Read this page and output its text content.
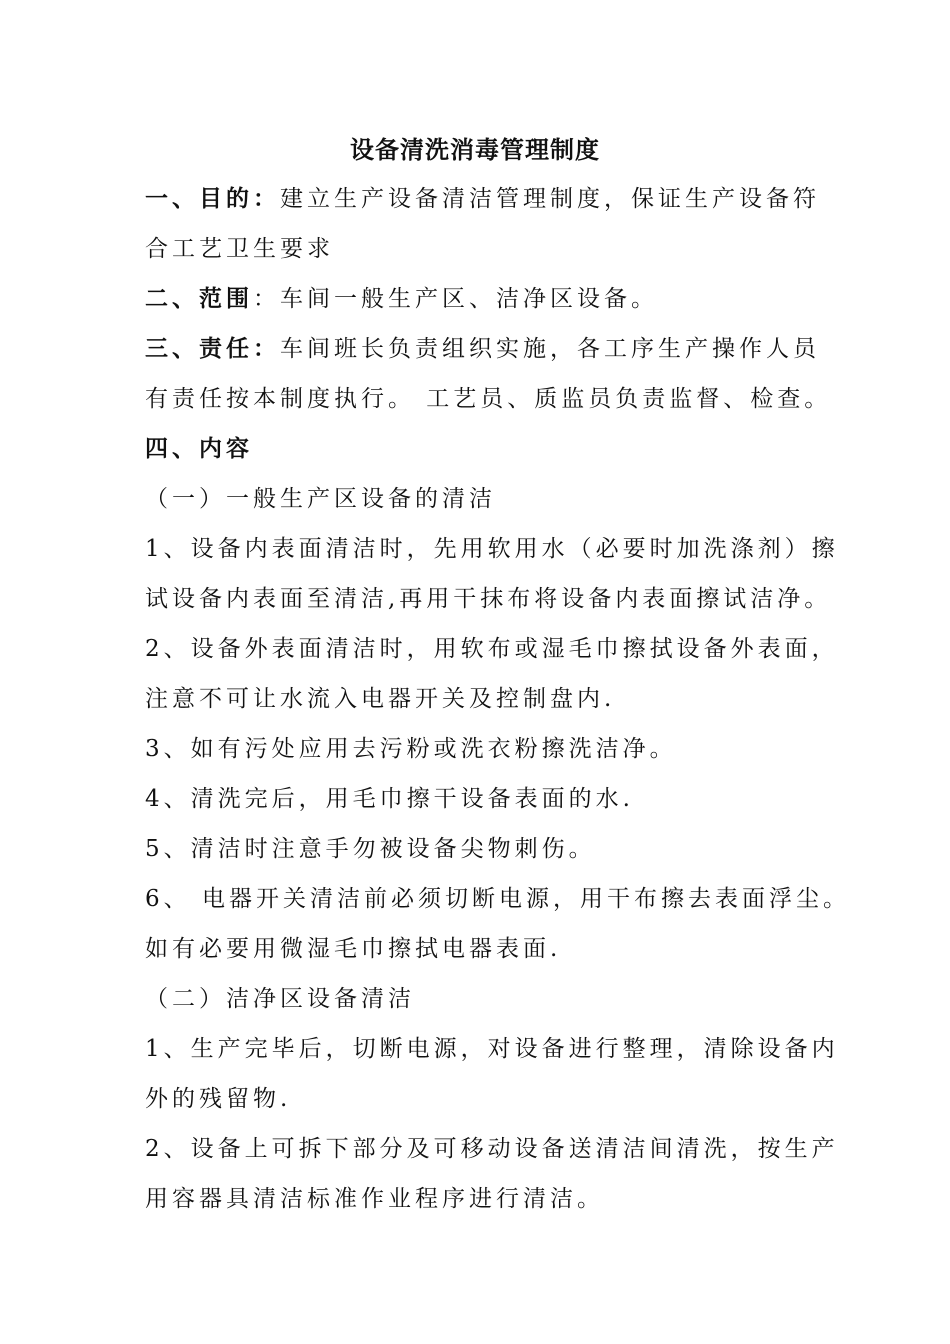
设备清洗消毒管理制度
一、目的：建立生产设备清洁管理制度，保证生产设备符
合工艺卫生要求
二、范围：车间一般生产区、洁净区设备。
三、责任：车间班长负责组织实施，各工序生产操作人员
有责任按本制度执行。 工艺员、质监员负责监督、检查。
四、内容
（一）一般生产区设备的清洁
1、设备内表面清洁时，先用软用水（必要时加洗涤剂）擦
试设备内表面至清洁,再用干抹布将设备内表面擦试洁净。
2、设备外表面清洁时，用软布或湿毛巾擦拭设备外表面，
注意不可让水流入电器开关及控制盘内.
3、如有污处应用去污粉或洗衣粉擦洗洁净。
4、清洗完后，用毛巾擦干设备表面的水.
5、清洁时注意手勿被设备尖物刺伤。
6、 电器开关清洁前必须切断电源，用干布擦去表面浮尘。
如有必要用微湿毛巾擦拭电器表面.
（二）洁净区设备清洁
1、生产完毕后，切断电源，对设备进行整理，清除设备内
外的残留物.
2、设备上可拆下部分及可移动设备送清洁间清洗，按生产
用容器具清洁标准作业程序进行清洁。
